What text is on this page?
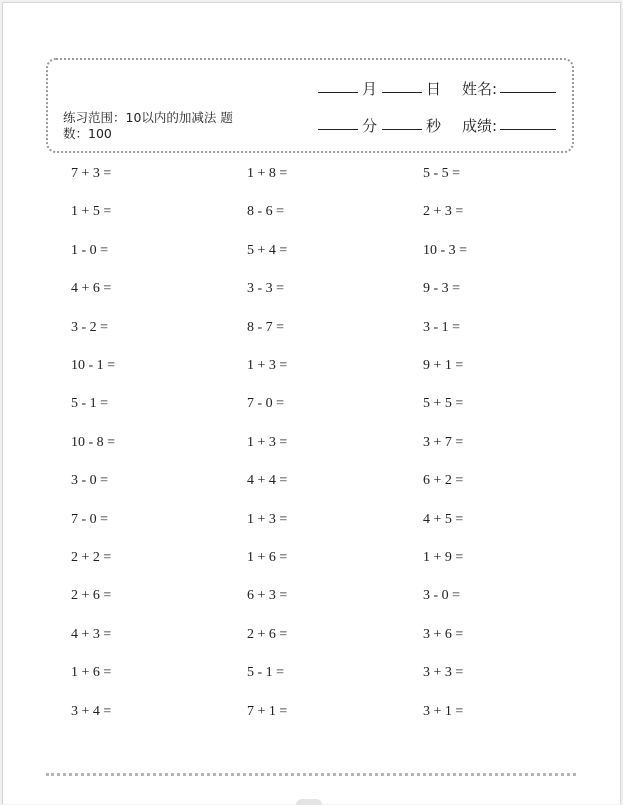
练习范围：10以内的加减法 题数：100
月	日 姓名:
分	秒 成绩:
7 + 3 =	1 + 8 =	5 - 5 =
1 + 5 =	8 - 6 =	2 + 3 =
1 - 0 =	5 + 4 =	10 - 3 =
4 + 6 =	3 - 3 =	9 - 3 =
3 - 2 =	8 - 7 =	3 - 1 =
10 - 1 =	1 + 3 =	9 + 1 =
5 - 1 =	7 - 0 =	5 + 5 =
10 - 8 =	1 + 3 =	3 + 7 =
3 - 0 =	4 + 4 =	6 + 2 =
7 - 0 =	1 + 3 =	4 + 5 =
2 + 2 =	1 + 6 =	1 + 9 =
2 + 6 =	6 + 3 =	3 - 0 =
4 + 3 =	2 + 6 =	3 + 6 =
1 + 6 =	5 - 1 =	3 + 3 =
3 + 4 =	7 + 1 =	3 + 1 =
